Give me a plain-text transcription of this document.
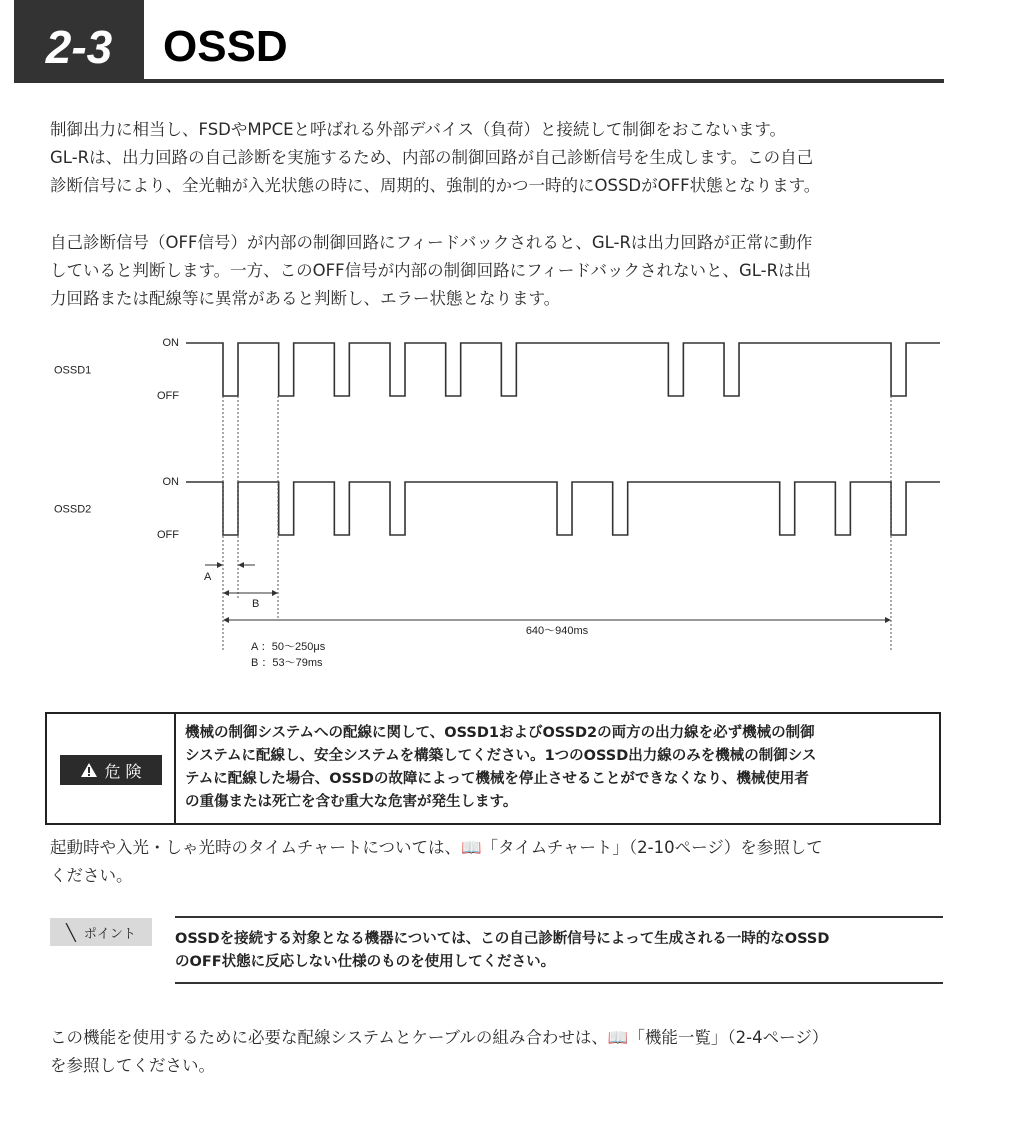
2-3	OSSD
制御出力に相当し、FSDやMPCEと呼ばれる外部デバイス（負荷）と接続して制御をおこないます。
GL-Rは、出力回路の自己診断を実施するため、内部の制御回路が自己診断信号を生成します。この自己
診断信号により、全光軸が入光状態の時に、周期的、強制的かつ一時的にOSSDがOFF状態となります。
自己診断信号（OFF信号）が内部の制御回路にフィードバックされると、GL-Rは出力回路が正常に動作
していると判断します。一方、このOFF信号が内部の制御回路にフィードバックされないと、GL-Rは出
力回路または配線等に異常があると判断し、エラー状態となります。
OSSD1
ON
OFF
OSSD2
ON
OFF
A
B
640〜940ms
A ：50〜250μs
B ：53〜79ms
危 険
機械の制御システムへの配線に関して、OSSD1およびOSSD2の両方の出力線を必ず機械の制御
システムに配線し、安全システムを構築してください。1つのOSSD出力線のみを機械の制御シス
テムに配線した場合、OSSDの故障によって機械を停止させることができなくなり、機械使用者
の重傷または死亡を含む重大な危害が発生します。
起動時や入光・しゃ光時のタイムチャートについては、📖「タイムチャート」（2-10ページ）を参照して
ください。
╲ ポイント	OSSDを接続する対象となる機器については、この自己診断信号によって生成される一時的なOSSD
のOFF状態に反応しない仕様のものを使用してください。
この機能を使用するために必要な配線システムとケーブルの組み合わせは、📖「機能一覧」（2-4ページ）
を参照してください。
